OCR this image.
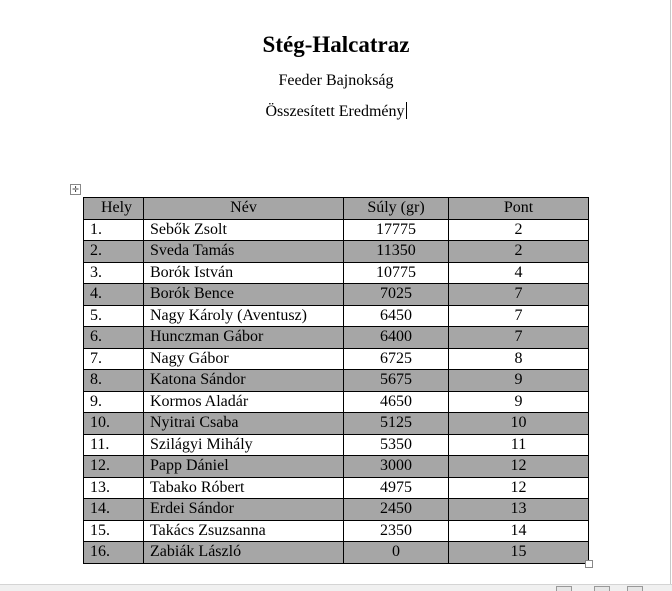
Stég-Halcatraz
Feeder Bajnokság
Összesített Eredmény
✛
Hely	Név	Súly (gr)	Pont
1.	Sebők Zsolt	17775	2
2.	Sveda Tamás	11350	2
3.	Borók István	10775	4
4.	Borók Bence	7025	7
5.	Nagy Károly (Aventusz)	6450	7
6.	Hunczman Gábor	6400	7
7.	Nagy Gábor	6725	8
8.	Katona Sándor	5675	9
9.	Kormos Aladár	4650	9
10.	Nyitrai Csaba	5125	10
11.	Szilágyi Mihály	5350	11
12.	Papp Dániel	3000	12
13.	Tabako Róbert	4975	12
14.	Erdei Sándor	2450	13
15.	Takács Zsuzsanna	2350	14
16.	Zabiák László	0	15
